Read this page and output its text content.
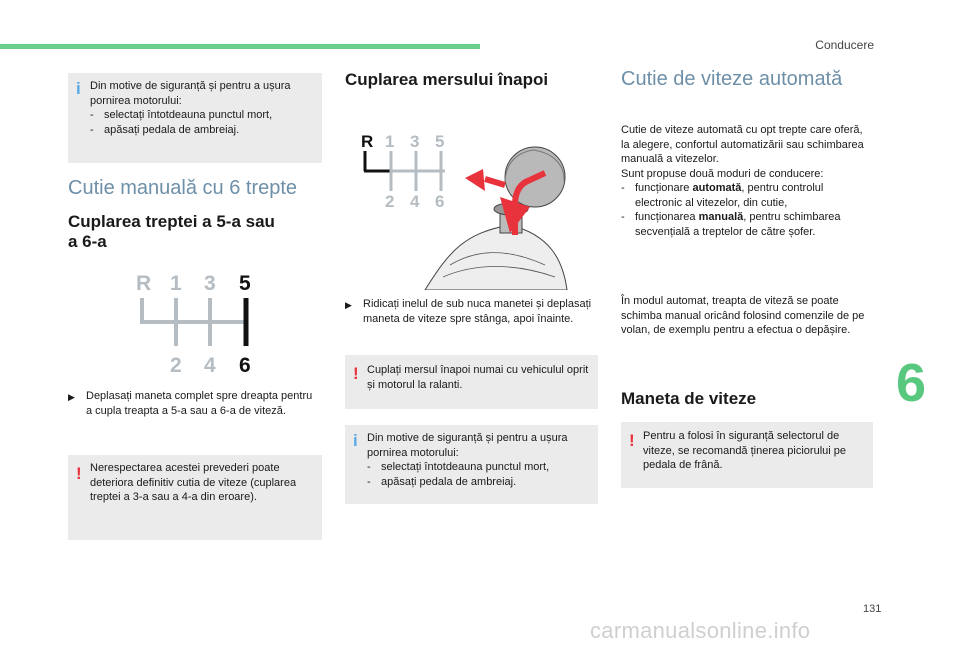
Conducere
6
131
carmanualsonline.info
i Din motive de siguranță și pentru a ușura pornirea motorului:
- selectați întotdeauna punctul mort,
- apăsați pedala de ambreiaj.
Cutie manuală cu 6 trepte
Cuplarea treptei a 5-a sau a 6-a
R 1 3 5
2 4 6
▶	Deplasați maneta complet spre dreapta pentru a cupla treapta a 5-a sau a 6-a de viteză.
! Nerespectarea acestei prevederi poate deteriora definitiv cutia de viteze (cuplarea treptei a 3-a sau a 4-a din eroare).
Cuplarea mersului înapoi
R 1 3 5
2 4 6
▶	Ridicați inelul de sub nuca manetei și deplasați maneta de viteze spre stânga, apoi înainte.
! Cuplați mersul înapoi numai cu vehiculul oprit și motorul la ralanti.
i Din motive de siguranță și pentru a ușura pornirea motorului:
- selectați întotdeauna punctul mort,
- apăsați pedala de ambreiaj.
Cutie de viteze automată
Cutie de viteze automată cu opt trepte care oferă, la alegere, confortul automatizării sau schimbarea manuală a vitezelor.
Sunt propuse două moduri de conducere:
- funcționare automată, pentru controlul electronic al vitezelor, din cutie,
- funcționarea manuală, pentru schimbarea secvențială a treptelor de către șofer.
În modul automat, treapta de viteză se poate schimba manual oricând folosind comenzile de pe volan, de exemplu pentru a efectua o depășire.
Maneta de viteze
! Pentru a folosi în siguranță selectorul de viteze, se recomandă ținerea piciorului pe pedala de frână.
